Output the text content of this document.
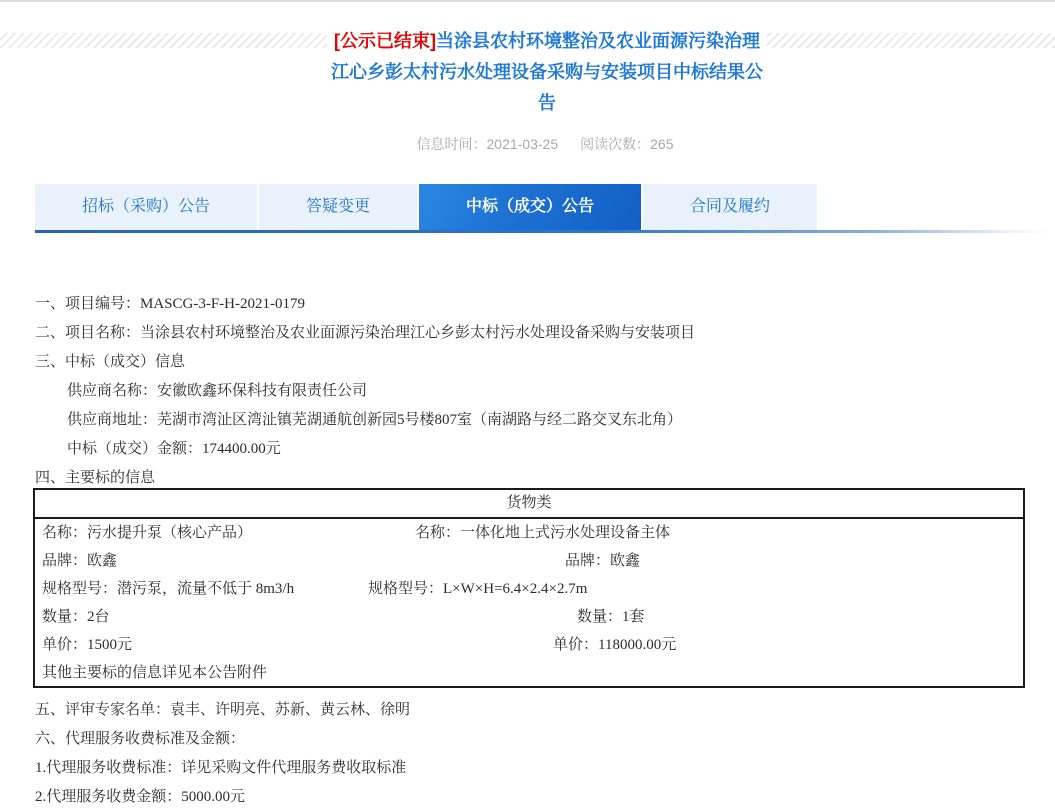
[公示已结束]当涂县农村环境整治及农业面源污染治理江心乡彭太村污水处理设备采购与安装项目中标结果公告
信息时间：2021-03-25 阅读次数：265
招标（采购）公告	答疑变更	中标（成交）公告	合同及履约
一、项目编号：MASCG-3-F-H-2021-0179
二、项目名称：当涂县农村环境整治及农业面源污染治理江心乡彭太村污水处理设备采购与安装项目
三、中标（成交）信息
供应商名称：安徽欧鑫环保科技有限责任公司
供应商地址：芜湖市湾沚区湾沚镇芜湖通航创新园5号楼807室（南湖路与经二路交叉东北角）
中标（成交）金额：174400.00元
四、主要标的信息
货物类
名称：污水提升泵（核心产品）	名称：一体化地上式污水处理设备主体
品牌：欧鑫	品牌：欧鑫
规格型号：潜污泵，流量不低于 8m3/h	规格型号：L×W×H=6.4×2.4×2.7m
数量：2台	数量：1套
单价：1500元	单价：118000.00元
其他主要标的信息详见本公告附件
五、评审专家名单：袁丰、许明亮、苏新、黄云林、徐明
六、代理服务收费标准及金额：
1.代理服务收费标准：详见采购文件代理服务费收取标准
2.代理服务收费金额：5000.00元
